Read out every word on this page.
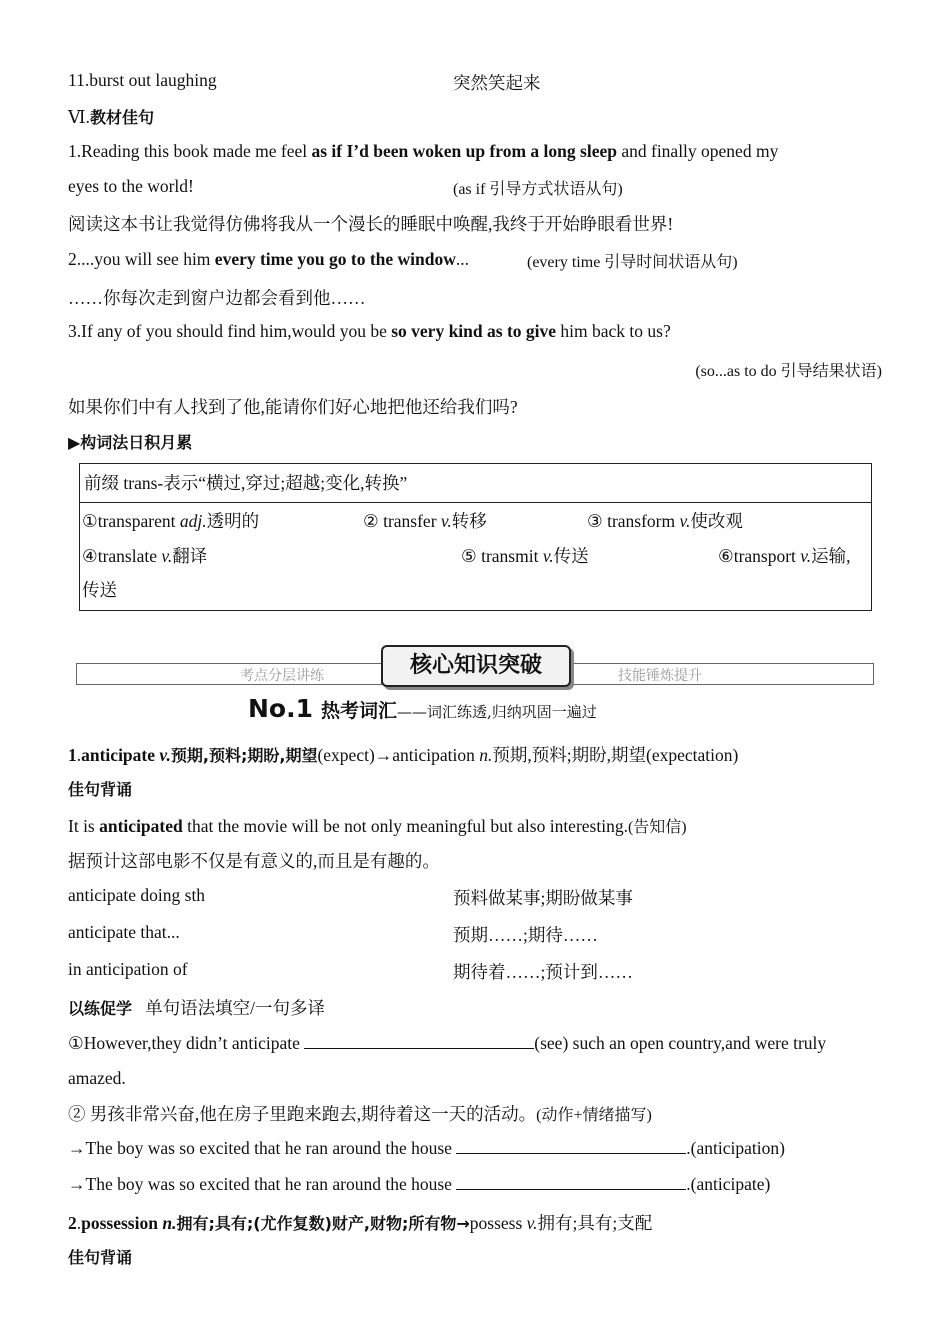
11.burst out laughing	突然笑起来
Ⅵ.教材佳句
1.Reading this book made me feel as if I’d been woken up from a long sleep and finally opened my
eyes to the world!	(as if 引导方式状语从句)
阅读这本书让我觉得仿佛将我从一个漫长的睡眠中唤醒,我终于开始睁眼看世界!
2....you will see him every time you go to the window...	(every time 引导时间状语从句)
……你每次走到窗户边都会看到他……
3.If any of you should find him,would you be so very kind as to give him back to us?
(so...as to do 引导结果状语)
如果你们中有人找到了他,能请你们好心地把他还给我们吗?
▶构词法日积月累
前缀 trans-表示“横过,穿过;超越;变化,转换”
①transparent adj.透明的	② transfer v.转移	③ transform v.使改观
④translate v.翻译	⑤ transmit v.传送	⑥transport v.运输,
传送
考点分层讲练	技能锤炼提升
核心知识突破
No.1 热考词汇——词汇练透,归纳巩固一遍过
1.anticipate v.预期,预料;期盼,期望(expect)→anticipation n.预期,预料;期盼,期望(expectation)
佳句背诵
It is anticipated that the movie will be not only meaningful but also interesting.(告知信)
据预计这部电影不仅是有意义的,而且是有趣的。
anticipate doing sth	预料做某事;期盼做某事
anticipate that...	预期……;期待……
in anticipation of	期待着……;预计到……
以练促学 单句语法填空/一句多译
①However,they didn’t anticipate	(see) such an open country,and were truly
amazed.
② 男孩非常兴奋,他在房子里跑来跑去,期待着这一天的活动。(动作+情绪描写)
→The boy was so excited that he ran around the house	.(anticipation)
→The boy was so excited that he ran around the house	.(anticipate)
2.possession n.拥有;具有;(尤作复数)财产,财物;所有物→possess v.拥有;具有;支配
佳句背诵
